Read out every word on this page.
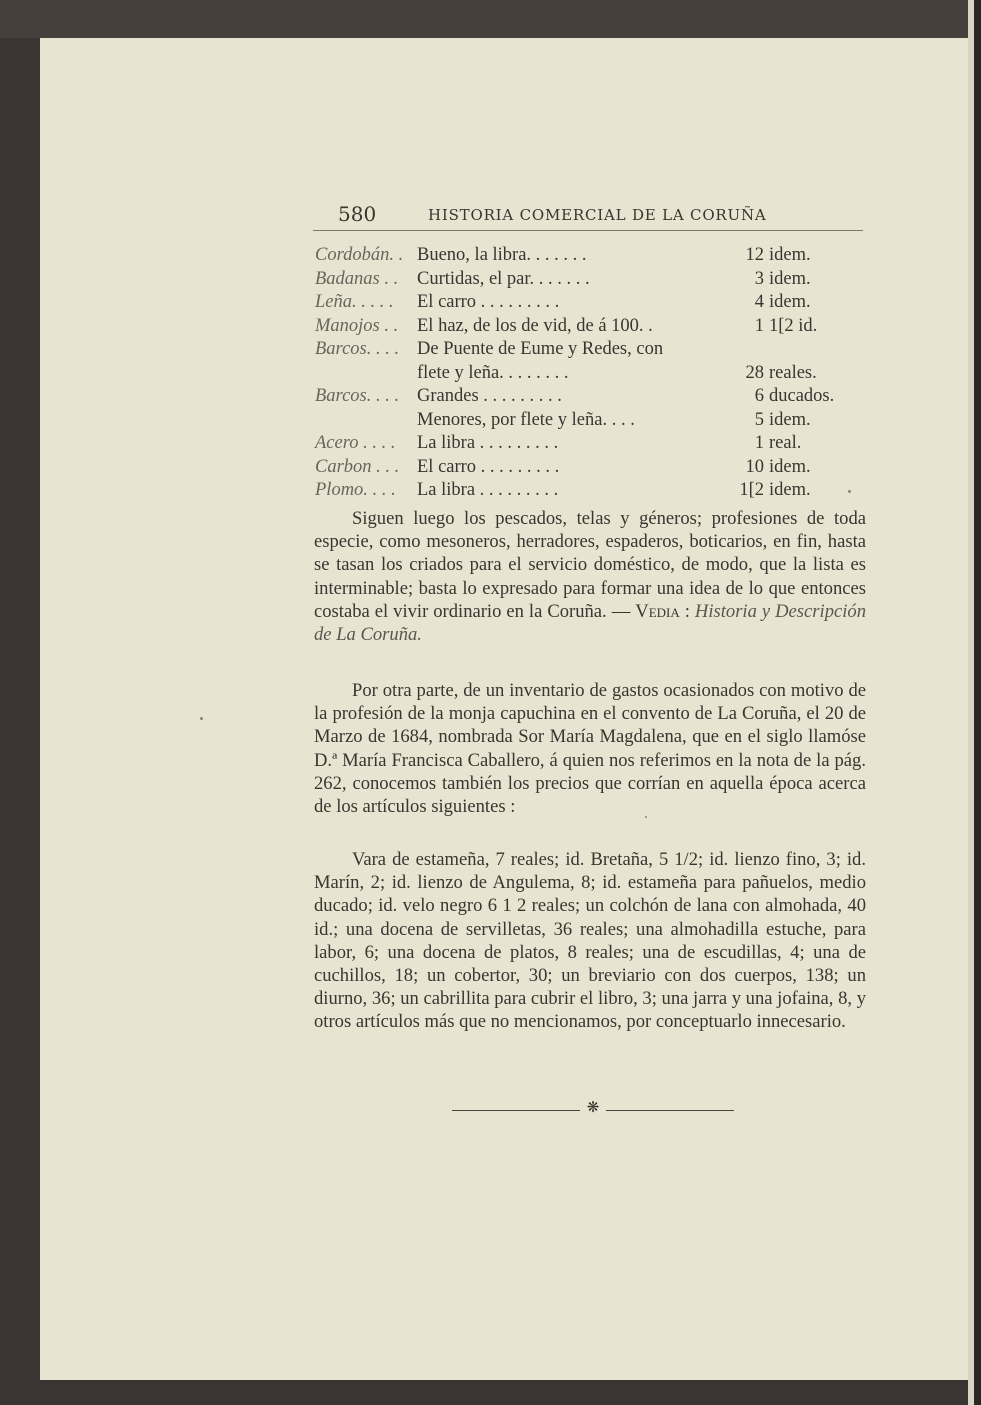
580	HISTORIA COMERCIAL DE LA CORUÑA
Cordobán. . Bueno, la libra. . . . . . .	12 idem.
Badanas . . Curtidas, el par. . . . . . .	3 idem.
Leña. . . . . El carro . . . . . . . . .	4 idem.
Manojos . . El haz, de los de vid, de á 100. .	1 1[2 id.
Barcos. . . . De Puente de Eume y Redes, con
flete y leña. . . . . . . .	28 reales.
Barcos. . . . Grandes . . . . . . . . .	6 ducados.
Menores, por flete y leña. . . .	5 idem.
Acero . . . . La libra . . . . . . . . .	1 real.
Carbon . . . El carro . . . . . . . . .	10 idem.
Plomo. . . . La libra . . . . . . . . .	1[2 idem.

Siguen luego los pescados, telas y géneros; profesiones de toda especie, como mesoneros, herradores, espaderos, boticarios, en fin, hasta se tasan los criados para el servicio doméstico, de modo, que la lista es interminable; basta lo expresado para formar una idea de lo que entonces costaba el vivir ordinario en la Coruña. — Vedia : Historia y Descripción de La Coruña.

Por otra parte, de un inventario de gastos ocasionados con motivo de la profesión de la monja capuchina en el convento de La Coruña, el 20 de Marzo de 1684, nombrada Sor María Magdalena, que en el siglo llamóse D.ª María Francisca Caballero, á quien nos referimos en la nota de la pág. 262, conocemos también los precios que corrían en aquella época acerca de los artículos siguientes :

Vara de estameña, 7 reales; id. Bretaña, 5 1/2; id. lienzo fino, 3; id. Marín, 2; id. lienzo de Angulema, 8; id. estameña para pañuelos, medio ducado; id. velo negro 6 1 2 reales; un colchón de lana con almohada, 40 id.; una docena de servilletas, 36 reales; una almohadilla estuche, para labor, 6; una docena de platos, 8 reales; una de escudillas, 4; una de cuchillos, 18; un cobertor, 30; un breviario con dos cuerpos, 138; un diurno, 36; un cabrillita para cubrir el libro, 3; una jarra y una jofaina, 8, y otros artículos más que no mencionamos, por conceptuarlo innecesario.

❋
